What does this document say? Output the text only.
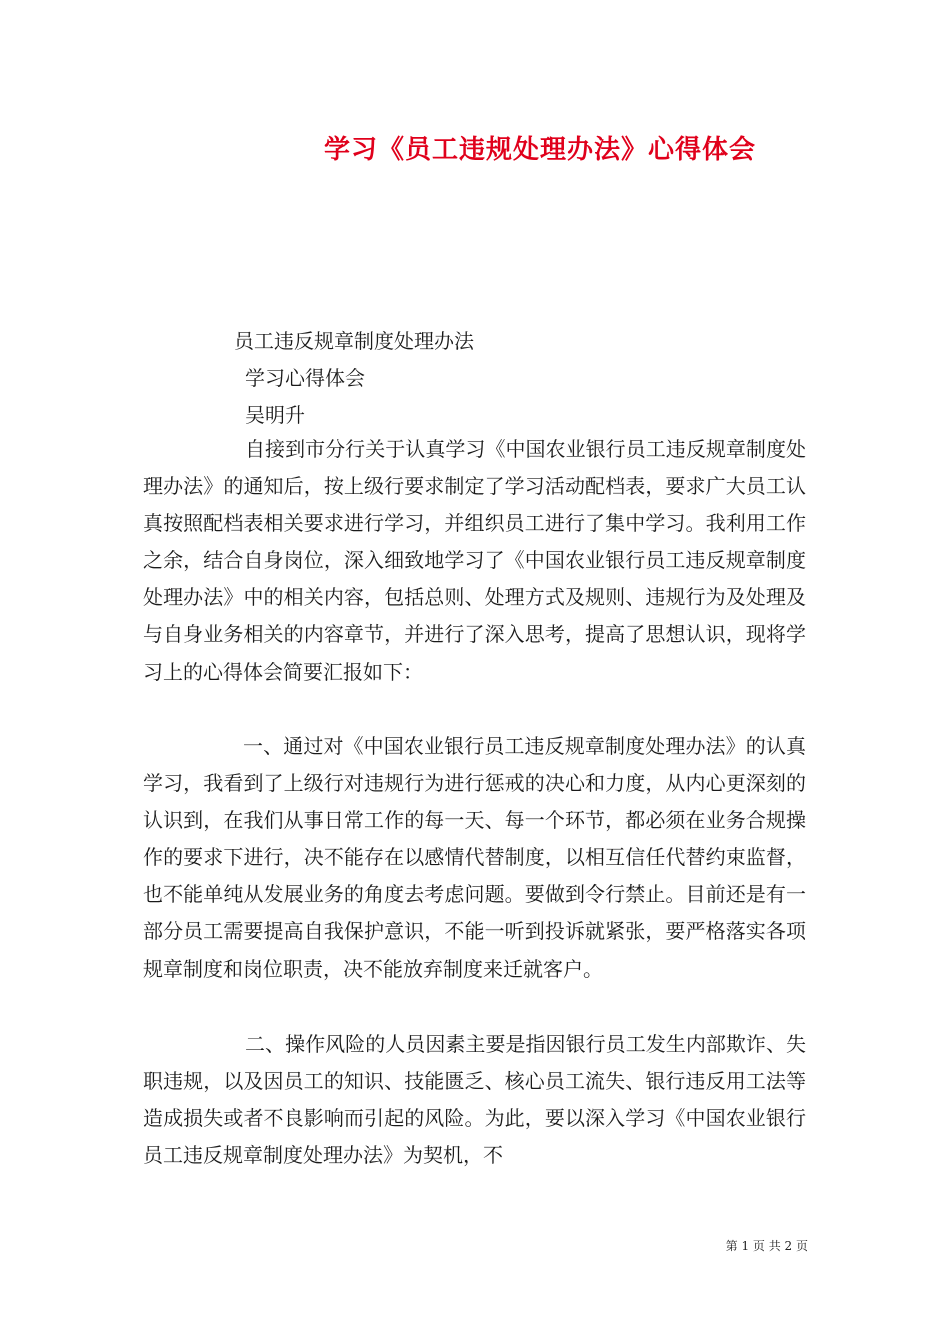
学习《员工违规处理办法》心得体会
员工违反规章制度处理办法
学习心得体会
吴明升

自接到市分行关于认真学习《中国农业银行员工违反规章制度处理办法》的通知后，按上级行要求制定了学习活动配档表，要求广大员工认真按照配档表相关要求进行学习，并组织员工进行了集中学习。我利用工作之余，结合自身岗位，深入细致地学习了《中国农业银行员工违反规章制度处理办法》中的相关内容，包括总则、处理方式及规则、违规行为及处理及与自身业务相关的内容章节，并进行了深入思考，提高了思想认识，现将学习上的心得体会简要汇报如下：

一、通过对《中国农业银行员工违反规章制度处理办法》的认真学习，我看到了上级行对违规行为进行惩戒的决心和力度，从内心更深刻的认识到，在我们从事日常工作的每一天、每一个环节，都必须在业务合规操作的要求下进行，决不能存在以感情代替制度，以相互信任代替约束监督，也不能单纯从发展业务的角度去考虑问题。要做到令行禁止。目前还是有一部分员工需要提高自我保护意识，不能一听到投诉就紧张，要严格落实各项规章制度和岗位职责，决不能放弃制度来迁就客户。

二、操作风险的人员因素主要是指因银行员工发生内部欺诈、失职违规，以及因员工的知识、技能匮乏、核心员工流失、银行违反用工法等造成损失或者不良影响而引起的风险。为此，要以深入学习《中国农业银行员工违反规章制度处理办法》为契机，不

第 1 页 共 2 页
